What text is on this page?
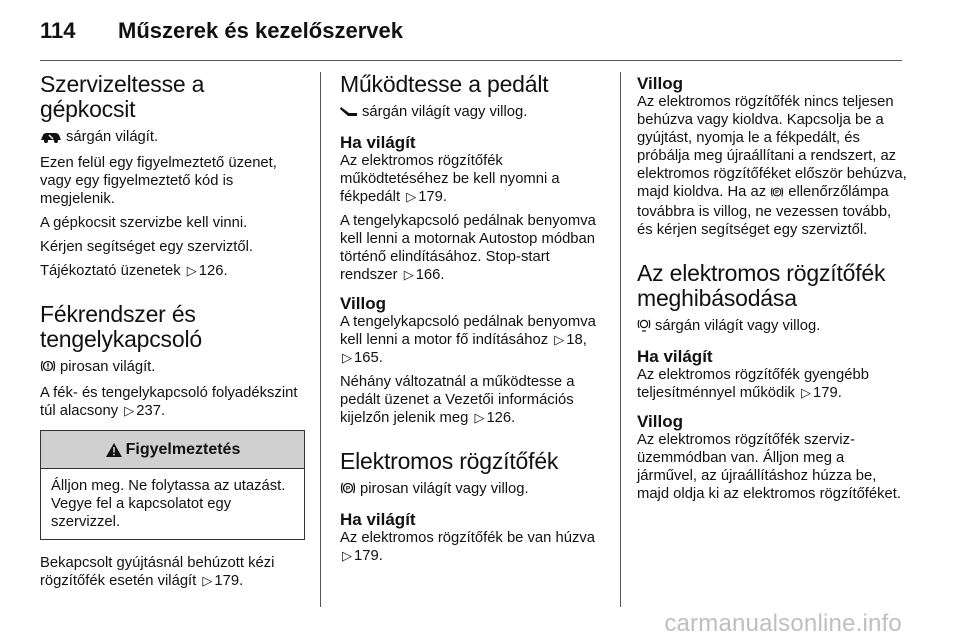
114 Műszerek és kezelőszervek
Szervizeltesse a gépkocsit
sárgán világít.
Ezen felül egy figyelmeztető üzenet, vagy egy figyelmeztető kód is megjelenik.
A gépkocsit szervizbe kell vinni.
Kérjen segítséget egy szerviztől.
Tájékoztató üzenetek ▷ 126.
Fékrendszer és tengelykapcsoló
pirosan világít.
A fék- és tengelykapcsoló folyadékszint túl alacsony ▷ 237.
Figyelmeztetés
Álljon meg. Ne folytassa az utazást. Vegye fel a kapcsolatot egy szervizzel.
Bekapcsolt gyújtásnál behúzott kézi rögzítőfék esetén világít ▷ 179.
Működtesse a pedált
sárgán világít vagy villog.
Ha világít
Az elektromos rögzítőfék működtetéséhez be kell nyomni a fékpedált ▷ 179.
A tengelykapcsoló pedálnak benyomva kell lenni a motornak Autostop módban történő elindításához. Stop-start rendszer ▷ 166.
Villog
A tengelykapcsoló pedálnak benyomva kell lenni a motor fő indításához ▷ 18, ▷ 165.
Néhány változatnál a működtesse a pedált üzenet a Vezetői információs kijelzőn jelenik meg ▷ 126.
Elektromos rögzítőfék
P pirosan világít vagy villog.
Ha világít
Az elektromos rögzítőfék be van húzva ▷ 179.
Villog
Az elektromos rögzítőfék nincs teljesen behúzva vagy kioldva. Kapcsolja be a gyújtást, nyomja le a fékpedált, és próbálja meg újraállítani a rendszert, az elektromos rögzítőféket először behúzva, majd kioldva. Ha az P ellenőrzőlámpa továbbra is villog, ne vezessen tovább, és kérjen segítséget egy szerviztől.
Az elektromos rögzítőfék meghibásodása
sárgán világít vagy villog.
Ha világít
Az elektromos rögzítőfék gyengébb teljesítménnyel működik ▷ 179.
Villog
Az elektromos rögzítőfék szerviz-üzemmódban van. Álljon meg a járművel, az újraállításhoz húzza be, majd oldja ki az elektromos rögzítőféket.
carmanualsonline.info
